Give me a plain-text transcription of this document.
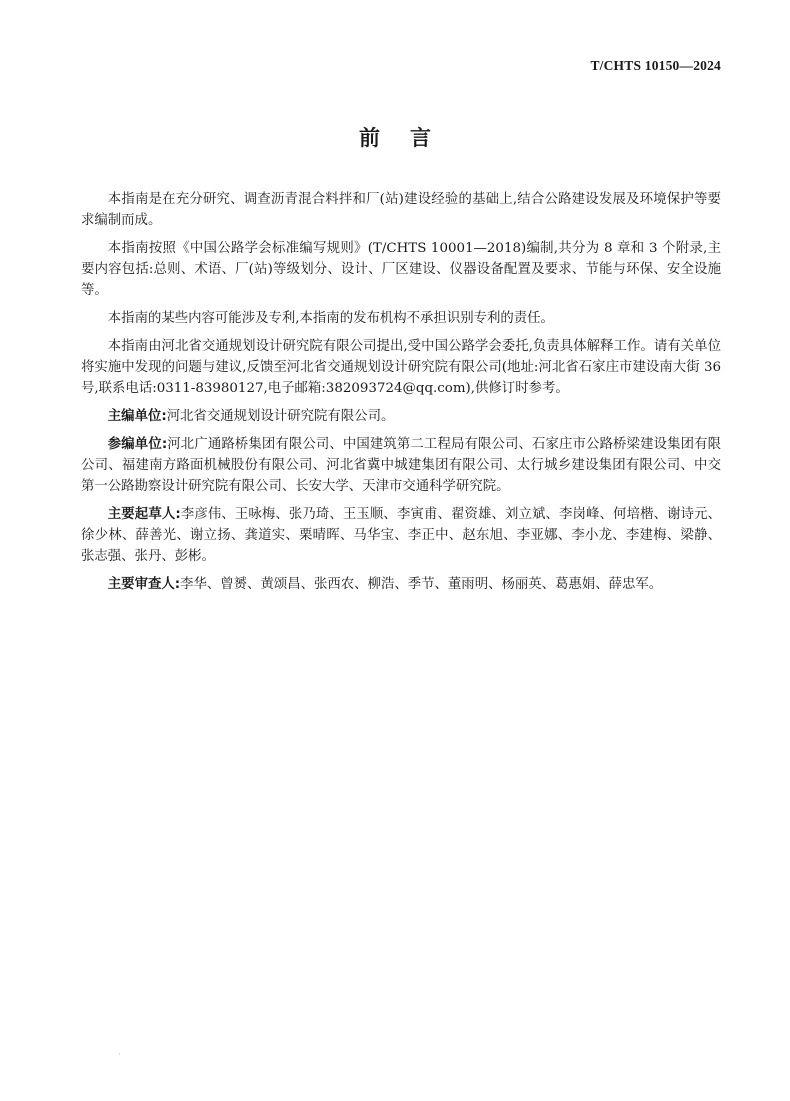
T/CHTS 10150—2024
前言

本指南是在充分研究、调查沥青混合料拌和厂(站)建设经验的基础上,结合公路建设发展及环境保护等要求编制而成。

本指南按照《中国公路学会标准编写规则》(T/CHTS 10001—2018)编制,共分为 8 章和 3 个附录,主要内容包括:总则、术语、厂(站)等级划分、设计、厂区建设、仪器设备配置及要求、节能与环保、安全设施等。

本指南的某些内容可能涉及专利,本指南的发布机构不承担识别专利的责任。

本指南由河北省交通规划设计研究院有限公司提出,受中国公路学会委托,负责具体解释工作。请有关单位将实施中发现的问题与建议,反馈至河北省交通规划设计研究院有限公司(地址:河北省石家庄市建设南大街 36 号,联系电话:0311-83980127,电子邮箱:382093724@qq.com),供修订时参考。

主编单位:河北省交通规划设计研究院有限公司。

参编单位:河北广通路桥集团有限公司、中国建筑第二工程局有限公司、石家庄市公路桥梁建设集团有限公司、福建南方路面机械股份有限公司、河北省冀中城建集团有限公司、太行城乡建设集团有限公司、中交第一公路勘察设计研究院有限公司、长安大学、天津市交通科学研究院。

主要起草人:李彦伟、王咏梅、张乃琦、王玉顺、李寅甫、翟资雄、刘立斌、李岗峰、何培楷、谢诗元、徐少林、薛善光、谢立扬、龚道实、栗晴晖、马华宝、李正中、赵东旭、李亚娜、李小龙、李建梅、梁静、张志强、张丹、彭彬。

主要审查人:李华、曾赟、黄颂昌、张西农、柳浩、季节、董雨明、杨丽英、葛惠娟、薛忠军。

·
